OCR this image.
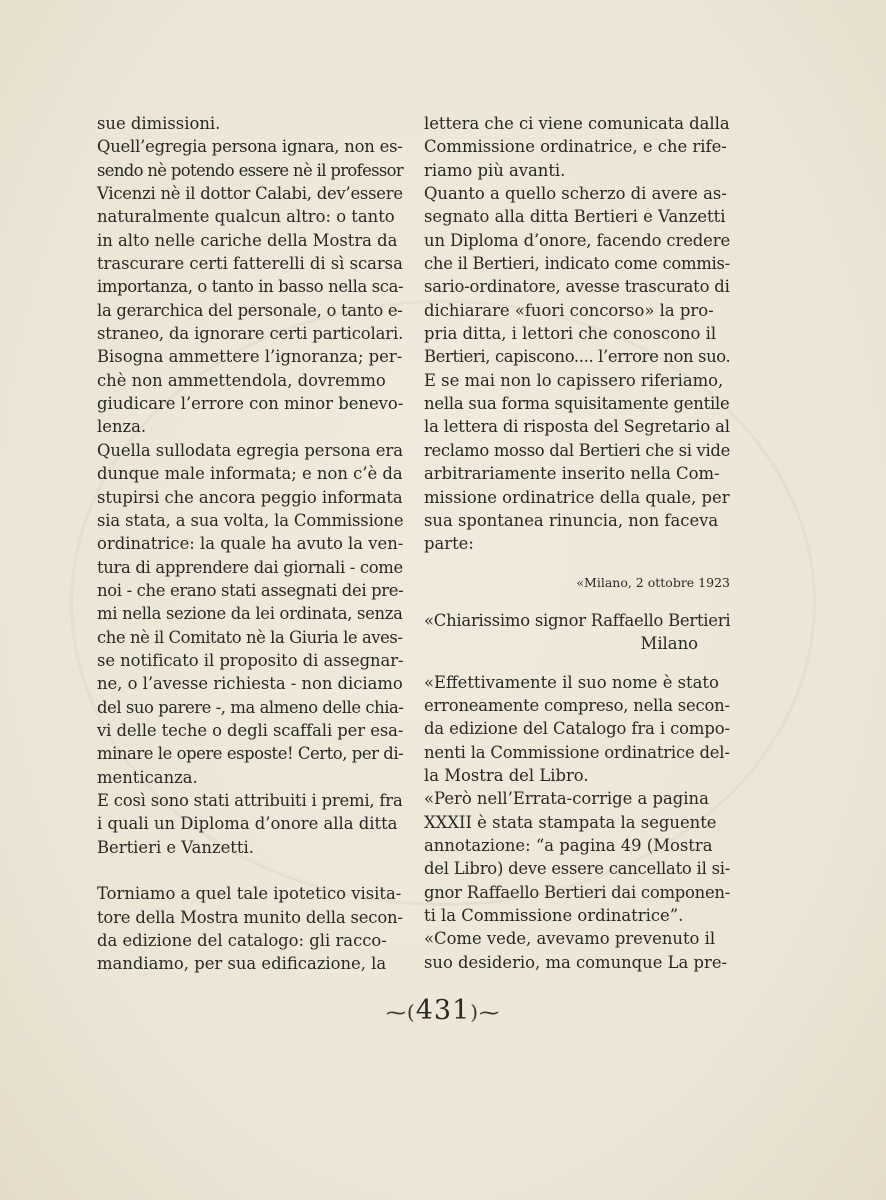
sue dimissioni.
Quell’egregia persona ignara, non es-
sendo nè potendo essere nè il professor
Vicenzi nè il dottor Calabi, dev’essere
naturalmente qualcun altro: o tanto
in alto nelle cariche della Mostra da
trascurare certi fatterelli di sì scarsa
importanza, o tanto in basso nella sca-
la gerarchica del personale, o tanto e-
straneo, da ignorare certi particolari.
Bisogna ammettere l’ignoranza; per-
chè non ammettendola, dovremmo
giudicare l’errore con minor benevo-
lenza.
Quella sullodata egregia persona era
dunque male informata; e non c’è da
stupirsi che ancora peggio informata
sia stata, a sua volta, la Commissione
ordinatrice: la quale ha avuto la ven-
tura di apprendere dai giornali - come
noi - che erano stati assegnati dei pre-
mi nella sezione da lei ordinata, senza
che nè il Comitato nè la Giuria le aves-
se notificato il proposito di assegnar-
ne, o l’avesse richiesta - non diciamo
del suo parere -, ma almeno delle chia-
vi delle teche o degli scaffali per esa-
minare le opere esposte! Certo, per di-
menticanza.
E così sono stati attribuiti i premi, fra
i quali un Diploma d’onore alla ditta
Bertieri e Vanzetti.
Torniamo a quel tale ipotetico visita-
tore della Mostra munito della secon-
da edizione del catalogo: gli racco-
mandiamo, per sua edificazione, la
lettera che ci viene comunicata dalla
Commissione ordinatrice, e che rife-
riamo più avanti.
Quanto a quello scherzo di avere as-
segnato alla ditta Bertieri e Vanzetti
un Diploma d’onore, facendo credere
che il Bertieri, indicato come commis-
sario-ordinatore, avesse trascurato di
dichiarare «fuori concorso» la pro-
pria ditta, i lettori che conoscono il
Bertieri, capiscono.... l’errore non suo.
E se mai non lo capissero riferiamo,
nella sua forma squisitamente gentile
la lettera di risposta del Segretario al
reclamo mosso dal Bertieri che si vide
arbitrariamente inserito nella Com-
missione ordinatrice della quale, per
sua spontanea rinuncia, non faceva
parte:
«Milano, 2 ottobre 1923
«Chiarissimo signor Raffaello Bertieri
Milano
«Effettivamente il suo nome è stato
erroneamente compreso, nella secon-
da edizione del Catalogo fra i compo-
nenti la Commissione ordinatrice del-
la Mostra del Libro.
«Però nell’Errata-corrige a pagina
XXXII è stata stampata la seguente
annotazione: “a pagina 49 (Mostra
del Libro) deve essere cancellato il si-
gnor Raffaello Bertieri dai componen-
ti la Commissione ordinatrice”.
«Come vede, avevamo prevenuto il
suo desiderio, ma comunque La pre-
⁓(431)⁓
